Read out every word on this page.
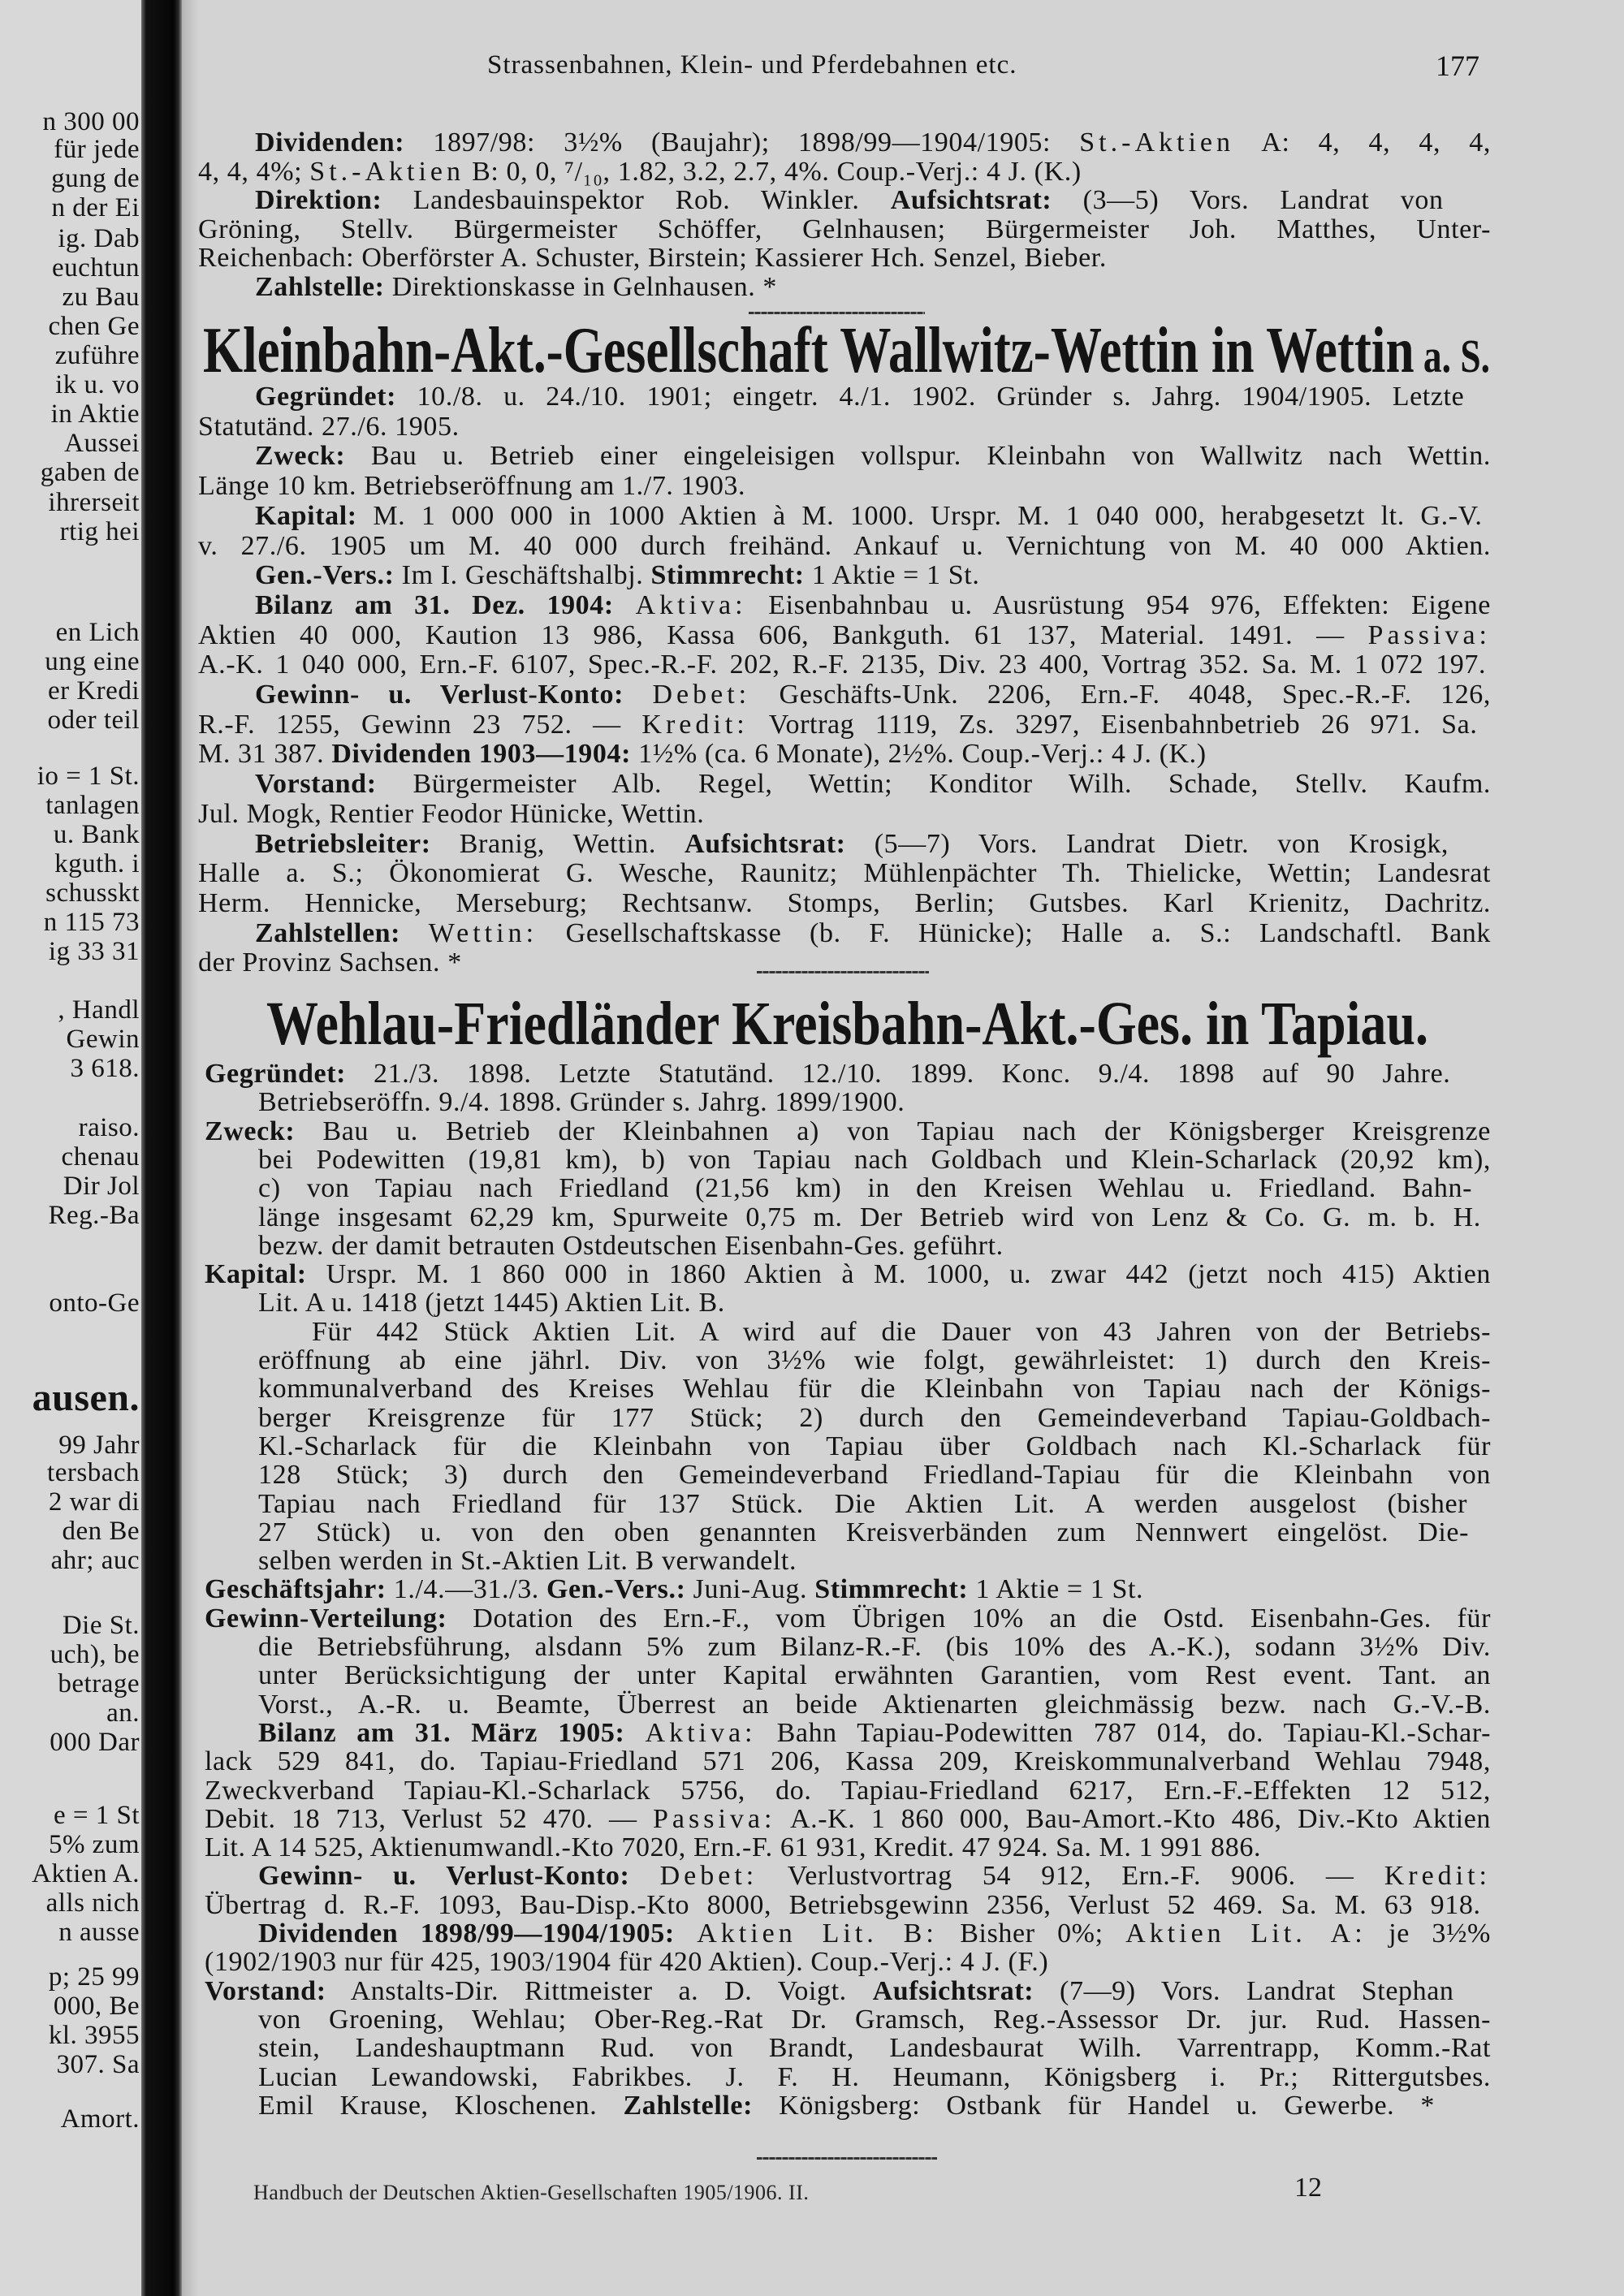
n 300 00
für jede
gung de
n der Ei
ig. Dab
euchtun
zu Bau
chen Ge
zuführe
ik u. vo
in Aktie
Aussei
gaben de
ihrerseit
rtig hei
en Lich
ung eine
er Kredi
oder teil
io = 1 St.
tanlagen
u. Bank
kguth. i
schusskt
n 115 73
ig 33 31
, Handl
Gewin
3 618.
raiso.
chenau
Dir Jol
Reg.-Ba
onto-Ge
ausen.
99 Jahr
tersbach
2 war di
den Be
ahr; auc
Die St.
uch), be
betrage
an.
000 Dar
e = 1 St
5% zum
Aktien A.
alls nich
n ausse
p; 25 99
000, Be
kl. 3955
307. Sa
Amort.
Strassenbahnen, Klein- und Pferdebahnen etc.	177
Dividenden: 1897/98: 3½% (Baujahr); 1898/99—1904/1905: St.-Aktien A: 4, 4, 4, 4,
4, 4, 4%; St.-Aktien B: 0, 0, ⁷/₁₀, 1.82, 3.2, 2.7, 4%. Coup.-Verj.: 4 J. (K.)
Direktion: Landesbauinspektor Rob. Winkler. Aufsichtsrat: (3—5) Vors. Landrat von
Gröning, Stellv. Bürgermeister Schöffer, Gelnhausen; Bürgermeister Joh. Matthes, Unter-
Reichenbach: Oberförster A. Schuster, Birstein; Kassierer Hch. Senzel, Bieber.
Zahlstelle: Direktionskasse in Gelnhausen. *
Kleinbahn-Akt.-Gesellschaft Wallwitz-Wettin in Wettin a. S.
Gegründet: 10./8. u. 24./10. 1901; eingetr. 4./1. 1902. Gründer s. Jahrg. 1904/1905. Letzte
Statutänd. 27./6. 1905.
Zweck: Bau u. Betrieb einer eingeleisigen vollspur. Kleinbahn von Wallwitz nach Wettin.
Länge 10 km. Betriebseröffnung am 1./7. 1903.
Kapital: M. 1 000 000 in 1000 Aktien à M. 1000. Urspr. M. 1 040 000, herabgesetzt lt. G.-V.
v. 27./6. 1905 um M. 40 000 durch freihänd. Ankauf u. Vernichtung von M. 40 000 Aktien.
Gen.-Vers.: Im I. Geschäftshalbj. Stimmrecht: 1 Aktie = 1 St.
Bilanz am 31. Dez. 1904: Aktiva: Eisenbahnbau u. Ausrüstung 954 976, Effekten: Eigene
Aktien 40 000, Kaution 13 986, Kassa 606, Bankguth. 61 137, Material. 1491. — Passiva:
A.-K. 1 040 000, Ern.-F. 6107, Spec.-R.-F. 202, R.-F. 2135, Div. 23 400, Vortrag 352. Sa. M. 1 072 197.
Gewinn- u. Verlust-Konto: Debet: Geschäfts-Unk. 2206, Ern.-F. 4048, Spec.-R.-F. 126,
R.-F. 1255, Gewinn 23 752. — Kredit: Vortrag 1119, Zs. 3297, Eisenbahnbetrieb 26 971. Sa.
M. 31 387. Dividenden 1903—1904: 1½% (ca. 6 Monate), 2½%. Coup.-Verj.: 4 J. (K.)
Vorstand: Bürgermeister Alb. Regel, Wettin; Konditor Wilh. Schade, Stellv. Kaufm.
Jul. Mogk, Rentier Feodor Hünicke, Wettin.
Betriebsleiter: Branig, Wettin. Aufsichtsrat: (5—7) Vors. Landrat Dietr. von Krosigk,
Halle a. S.; Ökonomierat G. Wesche, Raunitz; Mühlenpächter Th. Thielicke, Wettin; Landesrat
Herm. Hennicke, Merseburg; Rechtsanw. Stomps, Berlin; Gutsbes. Karl Krienitz, Dachritz.
Zahlstellen: Wettin: Gesellschaftskasse (b. F. Hünicke); Halle a. S.: Landschaftl. Bank
der Provinz Sachsen. *
Wehlau-Friedländer Kreisbahn-Akt.-Ges. in Tapiau.
Gegründet: 21./3. 1898. Letzte Statutänd. 12./10. 1899. Konc. 9./4. 1898 auf 90 Jahre.
Betriebseröffn. 9./4. 1898. Gründer s. Jahrg. 1899/1900.
Zweck: Bau u. Betrieb der Kleinbahnen a) von Tapiau nach der Königsberger Kreisgrenze
bei Podewitten (19,81 km), b) von Tapiau nach Goldbach und Klein-Scharlack (20,92 km),
c) von Tapiau nach Friedland (21,56 km) in den Kreisen Wehlau u. Friedland. Bahn-
länge insgesamt 62,29 km, Spurweite 0,75 m. Der Betrieb wird von Lenz & Co. G. m. b. H.
bezw. der damit betrauten Ostdeutschen Eisenbahn-Ges. geführt.
Kapital: Urspr. M. 1 860 000 in 1860 Aktien à M. 1000, u. zwar 442 (jetzt noch 415) Aktien
Lit. A u. 1418 (jetzt 1445) Aktien Lit. B.
Für 442 Stück Aktien Lit. A wird auf die Dauer von 43 Jahren von der Betriebs-
eröffnung ab eine jährl. Div. von 3½% wie folgt, gewährleistet: 1) durch den Kreis-
kommunalverband des Kreises Wehlau für die Kleinbahn von Tapiau nach der Königs-
berger Kreisgrenze für 177 Stück; 2) durch den Gemeindeverband Tapiau-Goldbach-
Kl.-Scharlack für die Kleinbahn von Tapiau über Goldbach nach Kl.-Scharlack für
128 Stück; 3) durch den Gemeindeverband Friedland-Tapiau für die Kleinbahn von
Tapiau nach Friedland für 137 Stück. Die Aktien Lit. A werden ausgelost (bisher
27 Stück) u. von den oben genannten Kreisverbänden zum Nennwert eingelöst. Die-
selben werden in St.-Aktien Lit. B verwandelt.
Geschäftsjahr: 1./4.—31./3. Gen.-Vers.: Juni-Aug. Stimmrecht: 1 Aktie = 1 St.
Gewinn-Verteilung: Dotation des Ern.-F., vom Übrigen 10% an die Ostd. Eisenbahn-Ges. für
die Betriebsführung, alsdann 5% zum Bilanz-R.-F. (bis 10% des A.-K.), sodann 3½% Div.
unter Berücksichtigung der unter Kapital erwähnten Garantien, vom Rest event. Tant. an
Vorst., A.-R. u. Beamte, Überrest an beide Aktienarten gleichmässig bezw. nach G.-V.-B.
Bilanz am 31. März 1905: Aktiva: Bahn Tapiau-Podewitten 787 014, do. Tapiau-Kl.-Schar-
lack 529 841, do. Tapiau-Friedland 571 206, Kassa 209, Kreiskommunalverband Wehlau 7948,
Zweckverband Tapiau-Kl.-Scharlack 5756, do. Tapiau-Friedland 6217, Ern.-F.-Effekten 12 512,
Debit. 18 713, Verlust 52 470. — Passiva: A.-K. 1 860 000, Bau-Amort.-Kto 486, Div.-Kto Aktien
Lit. A 14 525, Aktienumwandl.-Kto 7020, Ern.-F. 61 931, Kredit. 47 924. Sa. M. 1 991 886.
Gewinn- u. Verlust-Konto: Debet: Verlustvortrag 54 912, Ern.-F. 9006. — Kredit:
Übertrag d. R.-F. 1093, Bau-Disp.-Kto 8000, Betriebsgewinn 2356, Verlust 52 469. Sa. M. 63 918.
Dividenden 1898/99—1904/1905: Aktien Lit. B: Bisher 0%; Aktien Lit. A: je 3½%
(1902/1903 nur für 425, 1903/1904 für 420 Aktien). Coup.-Verj.: 4 J. (F.)
Vorstand: Anstalts-Dir. Rittmeister a. D. Voigt. Aufsichtsrat: (7—9) Vors. Landrat Stephan
von Groening, Wehlau; Ober-Reg.-Rat Dr. Gramsch, Reg.-Assessor Dr. jur. Rud. Hassen-
stein, Landeshauptmann Rud. von Brandt, Landesbaurat Wilh. Varrentrapp, Komm.-Rat
Lucian Lewandowski, Fabrikbes. J. F. H. Heumann, Königsberg i. Pr.; Rittergutsbes.
Emil Krause, Kloschenen. Zahlstelle: Königsberg: Ostbank für Handel u. Gewerbe. *
Handbuch der Deutschen Aktien-Gesellschaften 1905/1906. II.	12
